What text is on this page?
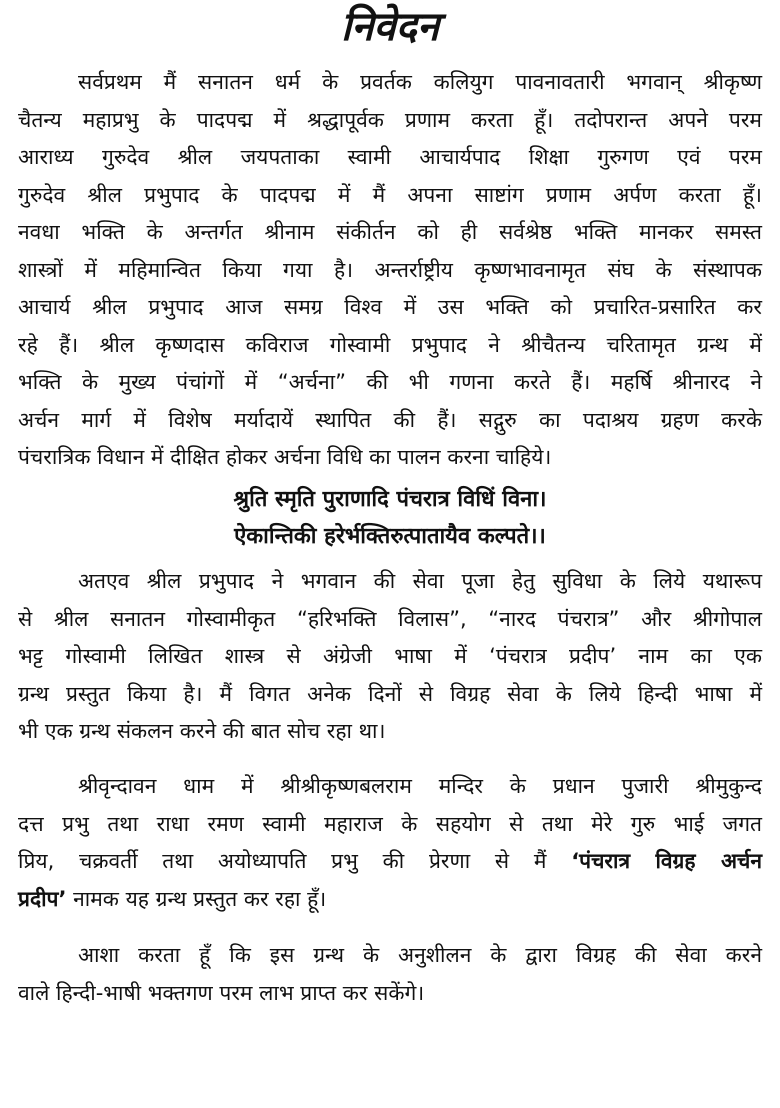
निवेदन
सर्वप्रथम मैं सनातन धर्म के प्रवर्तक कलियुग पावनावतारी भगवान् श्रीकृष्ण
चैतन्य महाप्रभु के पादपद्म में श्रद्धापूर्वक प्रणाम करता हूँ। तदोपरान्त अपने परम
आराध्य गुरुदेव श्रील जयपताका स्वामी आचार्यपाद शिक्षा गुरुगण एवं परम
गुरुदेव श्रील प्रभुपाद के पादपद्म में मैं अपना साष्टांग प्रणाम अर्पण करता हूँ।
नवधा भक्ति के अन्तर्गत श्रीनाम संकीर्तन को ही सर्वश्रेष्ठ भक्ति मानकर समस्त
शास्त्रों में महिमान्वित किया गया है। अन्तर्राष्ट्रीय कृष्णभावनामृत संघ के संस्थापक
आचार्य श्रील प्रभुपाद आज समग्र विश्व में उस भक्ति को प्रचारित-प्रसारित कर
रहे हैं। श्रील कृष्णदास कविराज गोस्वामी प्रभुपाद ने श्रीचैतन्य चरितामृत ग्रन्थ में
भक्ति के मुख्य पंचांगों में “अर्चना” की भी गणना करते हैं। महर्षि श्रीनारद ने
अर्चन मार्ग में विशेष मर्यादायें स्थापित की हैं। सद्गुरु का पदाश्रय ग्रहण करके
पंचरात्रिक विधान में दीक्षित होकर अर्चना विधि का पालन करना चाहिये।
श्रुति स्मृति पुराणादि पंचरात्र विधिं विना।
ऐकान्तिकी हरेर्भक्तिरुत्पातायैव कल्पते।।
अतएव श्रील प्रभुपाद ने भगवान की सेवा पूजा हेतु सुविधा के लिये यथारूप
से श्रील सनातन गोस्वामीकृत “हरिभक्ति विलास”, “नारद पंचरात्र” और श्रीगोपाल
भट्ट गोस्वामी लिखित शास्त्र से अंग्रेजी भाषा में ‘पंचरात्र प्रदीप’ नाम का एक
ग्रन्थ प्रस्तुत किया है। मैं विगत अनेक दिनों से विग्रह सेवा के लिये हिन्दी भाषा में
भी एक ग्रन्थ संकलन करने की बात सोच रहा था।
श्रीवृन्दावन धाम में श्रीश्रीकृष्णबलराम मन्दिर के प्रधान पुजारी श्रीमुकुन्द
दत्त प्रभु तथा राधा रमण स्वामी महाराज के सहयोग से तथा मेरे गुरु भाई जगत
प्रिय, चक्रवर्ती तथा अयोध्यापति प्रभु की प्रेरणा से मैं ‘पंचरात्र विग्रह अर्चन
प्रदीप’ नामक यह ग्रन्थ प्रस्तुत कर रहा हूँ।
आशा करता हूँ कि इस ग्रन्थ के अनुशीलन के द्वारा विग्रह की सेवा करने
वाले हिन्दी-भाषी भक्तगण परम लाभ प्राप्त कर सकेंगे।
